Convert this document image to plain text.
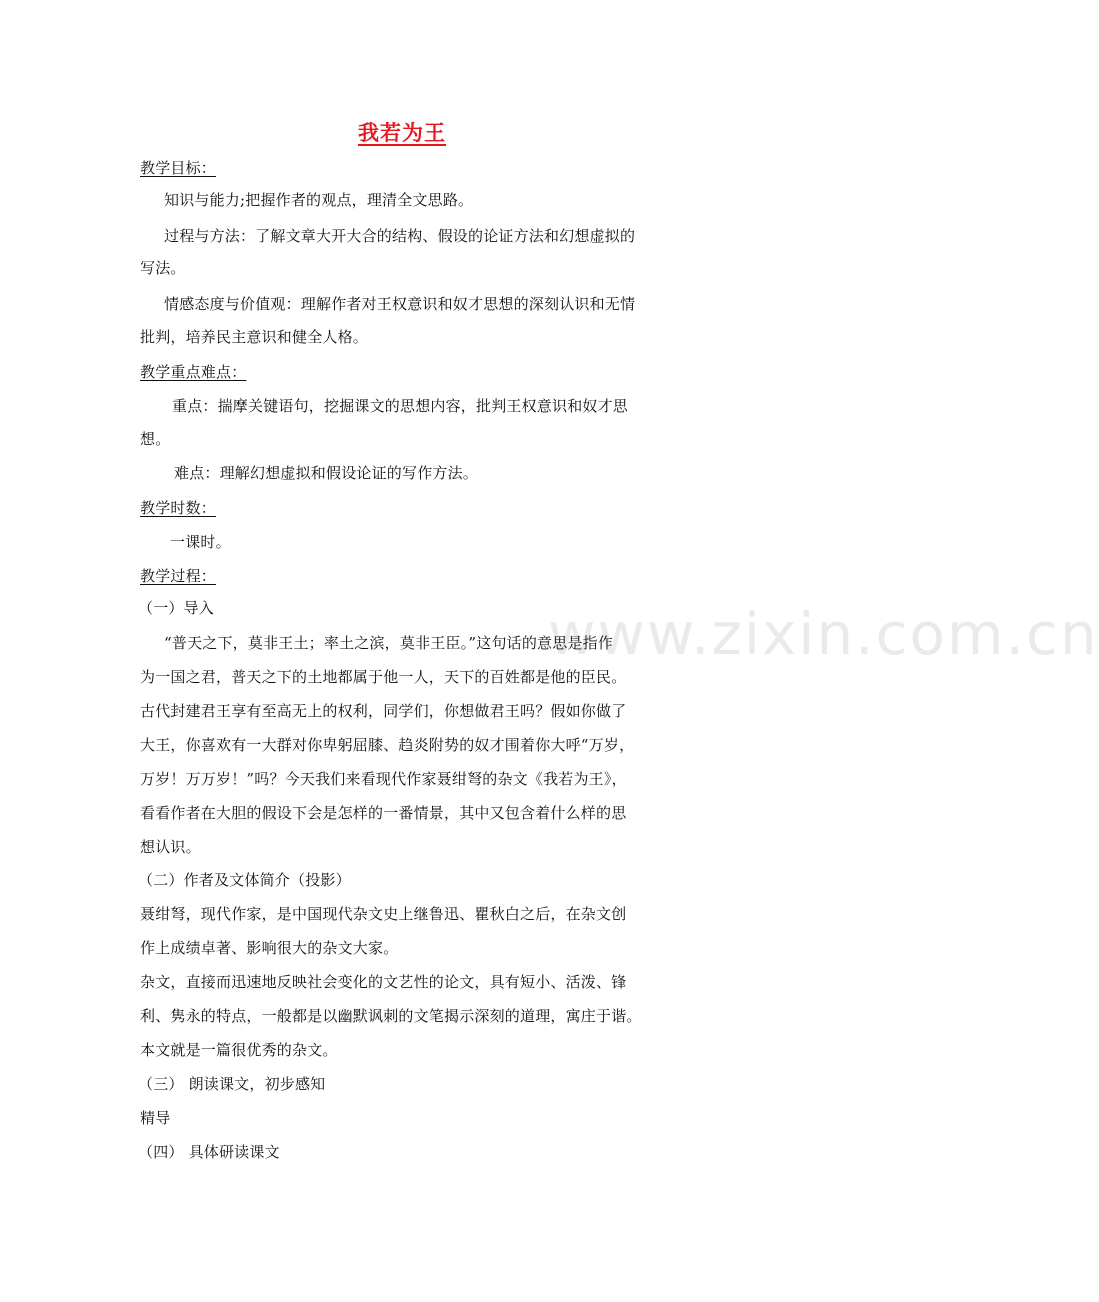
www.zixin.com.cn
我若为王
教学目标：
知识与能力;把握作者的观点，理清全文思路。
过程与方法：了解文章大开大合的结构、假设的论证方法和幻想虚拟的
写法。
情感态度与价值观：理解作者对王权意识和奴才思想的深刻认识和无情
批判，培养民主意识和健全人格。
教学重点难点：
重点：揣摩关键语句，挖掘课文的思想内容，批判王权意识和奴才思
想。
难点：理解幻想虚拟和假设论证的写作方法。
教学时数：
一课时。
教学过程：
（一）导入
“普天之下，莫非王土；率土之滨，莫非王臣。”这句话的意思是指作
为一国之君，普天之下的土地都属于他一人，天下的百姓都是他的臣民。
古代封建君王享有至高无上的权利，同学们，你想做君王吗？假如你做了
大王，你喜欢有一大群对你卑躬屈膝、趋炎附势的奴才围着你大呼“万岁，
万岁！万万岁！”吗？今天我们来看现代作家聂绀弩的杂文《我若为王》，
看看作者在大胆的假设下会是怎样的一番情景，其中又包含着什么样的思
想认识。
（二）作者及文体简介（投影）
聂绀弩，现代作家，是中国现代杂文史上继鲁迅、瞿秋白之后，在杂文创
作上成绩卓著、影响很大的杂文大家。
杂文，直接而迅速地反映社会变化的文艺性的论文，具有短小、活泼、锋
利、隽永的特点，一般都是以幽默讽刺的文笔揭示深刻的道理，寓庄于谐。
本文就是一篇很优秀的杂文。
（三） 朗读课文，初步感知
精导
（四） 具体研读课文
